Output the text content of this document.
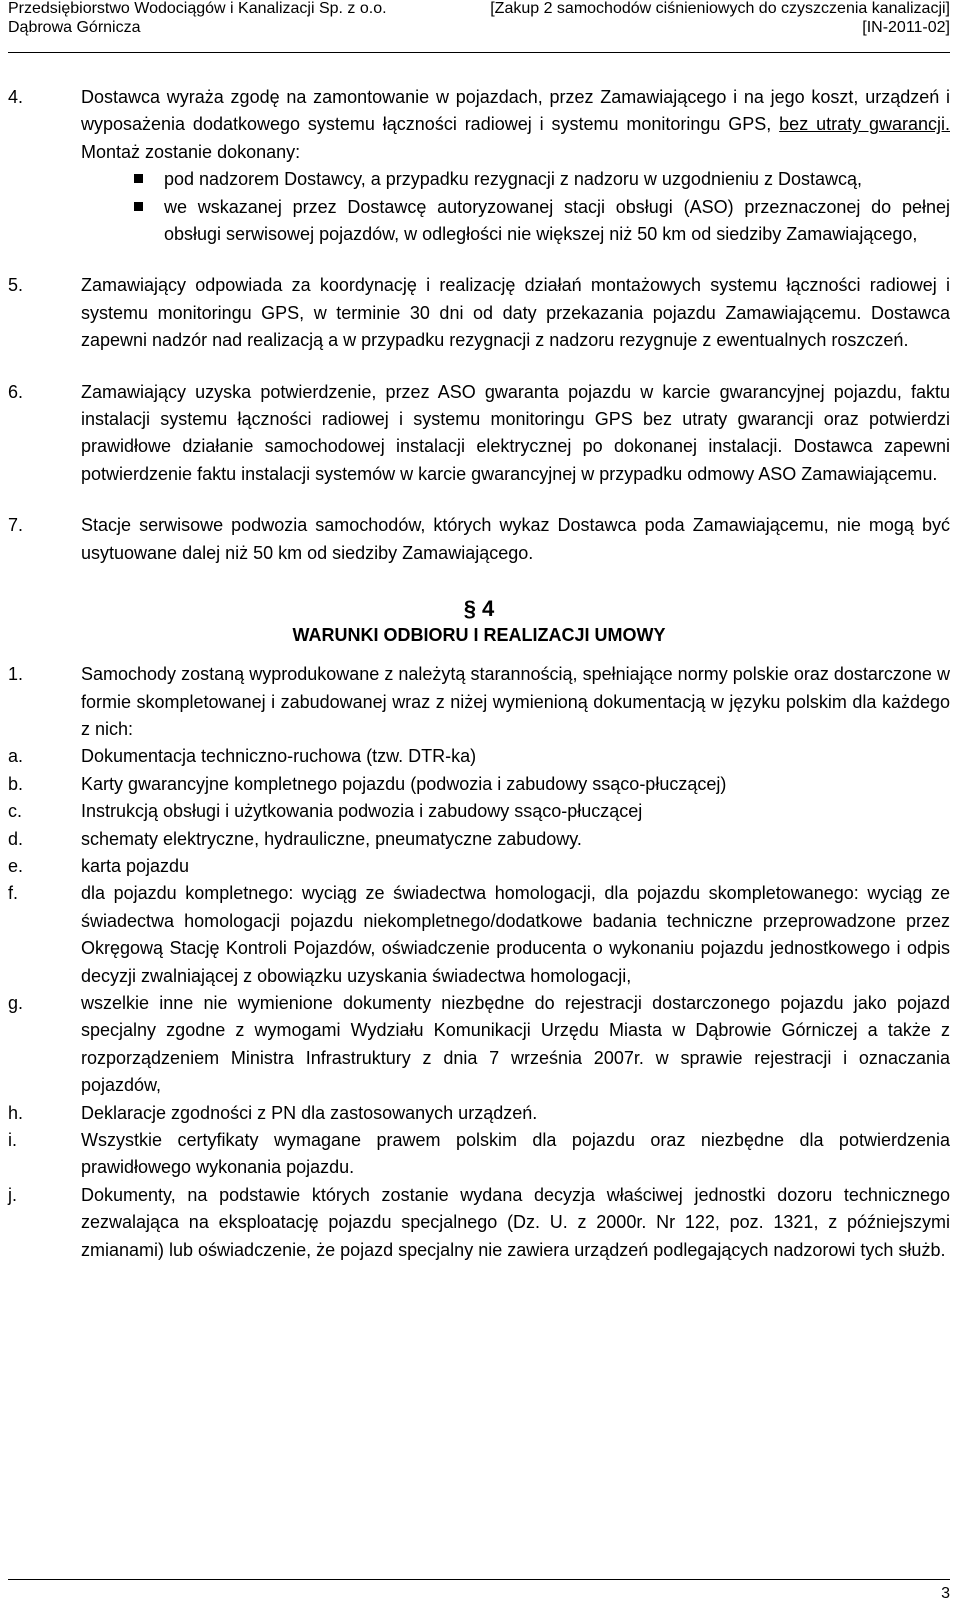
Przedsiębiorstwo Wodociągów i Kanalizacji Sp. z o.o.	[Zakup 2 samochodów ciśnieniowych do czyszczenia kanalizacji]
Dąbrowa Górnicza	[IN-2011-02]
4.	Dostawca wyraża zgodę na zamontowanie w pojazdach, przez Zamawiającego i na jego koszt, urządzeń i wyposażenia dodatkowego systemu łączności radiowej i systemu monitoringu GPS, bez utraty gwarancji. Montaż zostanie dokonany:
pod nadzorem Dostawcy, a przypadku rezygnacji z nadzoru w uzgodnieniu z Dostawcą,
we wskazanej przez Dostawcę autoryzowanej stacji obsługi (ASO) przeznaczonej do pełnej obsługi serwisowej pojazdów, w odległości nie większej niż 50 km od siedziby Zamawiającego,
5.	Zamawiający odpowiada za koordynację i realizację działań montażowych systemu łączności radiowej i systemu monitoringu GPS, w terminie 30 dni od daty przekazania pojazdu Zamawiającemu. Dostawca zapewni nadzór nad realizacją a w przypadku rezygnacji z nadzoru rezygnuje z ewentualnych roszczeń.
6.	Zamawiający uzyska potwierdzenie, przez ASO gwaranta pojazdu w karcie gwarancyjnej pojazdu, faktu instalacji systemu łączności radiowej i systemu monitoringu GPS bez utraty gwarancji oraz potwierdzi prawidłowe działanie samochodowej instalacji elektrycznej po dokonanej instalacji. Dostawca zapewni potwierdzenie faktu instalacji systemów w karcie gwarancyjnej w przypadku odmowy ASO Zamawiającemu.
7.	Stacje serwisowe podwozia samochodów, których wykaz Dostawca poda Zamawiającemu, nie mogą być usytuowane dalej niż 50 km od siedziby Zamawiającego.
§ 4
WARUNKI ODBIORU I REALIZACJI UMOWY
1.	Samochody zostaną wyprodukowane z należytą starannością, spełniające normy polskie oraz dostarczone w formie skompletowanej i zabudowanej wraz z niżej wymienioną dokumentacją w języku polskim dla każdego z nich:
a.	Dokumentacja techniczno-ruchowa (tzw. DTR-ka)
b.	Karty gwarancyjne kompletnego pojazdu (podwozia i zabudowy ssąco-płuczącej)
c.	Instrukcją obsługi i użytkowania podwozia i zabudowy ssąco-płuczącej
d.	schematy elektryczne, hydrauliczne, pneumatyczne zabudowy.
e.	karta pojazdu
f.	dla pojazdu kompletnego: wyciąg ze świadectwa homologacji, dla pojazdu skompletowanego: wyciąg ze świadectwa homologacji pojazdu niekompletnego/dodatkowe badania techniczne przeprowadzone przez Okręgową Stację Kontroli Pojazdów, oświadczenie producenta o wykonaniu pojazdu jednostkowego i odpis decyzji zwalniającej z obowiązku uzyskania świadectwa homologacji,
g.	wszelkie inne nie wymienione dokumenty niezbędne do rejestracji dostarczonego pojazdu jako pojazd specjalny zgodne z wymogami Wydziału Komunikacji Urzędu Miasta w Dąbrowie Górniczej a także z rozporządzeniem Ministra Infrastruktury z dnia 7 września 2007r. w sprawie rejestracji i oznaczania pojazdów,
h.	Deklaracje zgodności z PN dla zastosowanych urządzeń.
i.	Wszystkie certyfikaty wymagane prawem polskim dla pojazdu oraz niezbędne dla potwierdzenia prawidłowego wykonania pojazdu.
j.	Dokumenty, na podstawie których zostanie wydana decyzja właściwej jednostki dozoru technicznego zezwalająca na eksploatację pojazdu specjalnego (Dz. U. z 2000r. Nr 122, poz. 1321, z późniejszymi zmianami) lub oświadczenie, że pojazd specjalny nie zawiera urządzeń podlegających nadzorowi tych służb.
3
